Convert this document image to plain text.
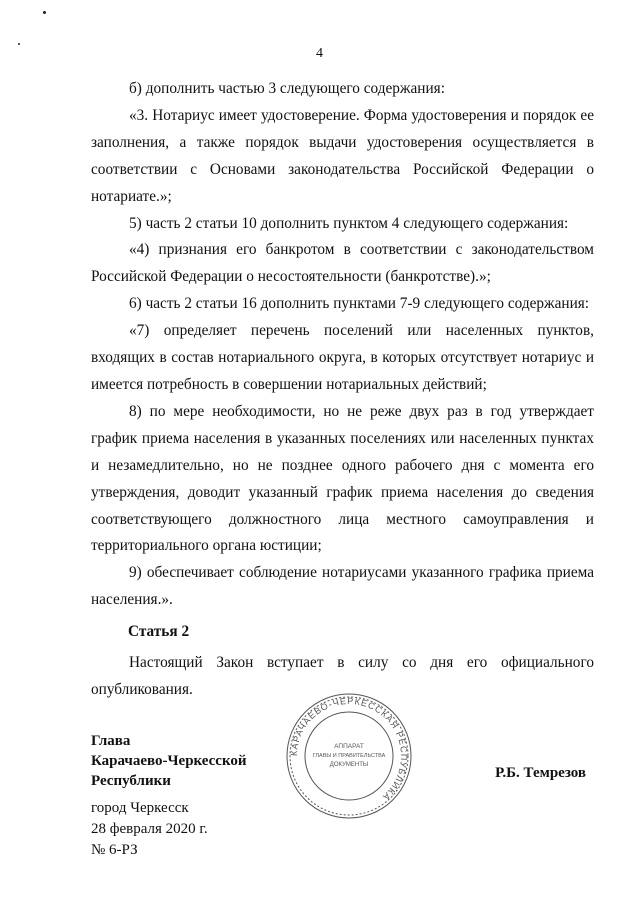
4

б) дополнить частью 3 следующего содержания:

«3. Нотариус имеет удостоверение. Форма удостоверения и порядок ее заполнения, а также порядок выдачи удостоверения осуществляется в соответствии с Основами законодательства Российской Федерации о нотариате.»;

5) часть 2 статьи 10 дополнить пунктом 4 следующего содержания:

«4) признания его банкротом в соответствии с законодательством Российской Федерации о несостоятельности (банкротстве).»;

6) часть 2 статьи 16 дополнить пунктами 7-9 следующего содержания:

«7) определяет перечень поселений или населенных пунктов, входящих в состав нотариального округа, в которых отсутствует нотариус и имеется потребность в совершении нотариальных действий;

8) по мере необходимости, но не реже двух раз в год утверждает график приема населения в указанных поселениях или населенных пунктах и незамедлительно, но не позднее одного рабочего дня с момента его утверждения, доводит указанный график приема населения до сведения соответствующего должностного лица местного самоуправления и территориального органа юстиции;

9) обеспечивает соблюдение нотариусами указанного графика приема населения.».

Статья 2

Настоящий Закон вступает в силу со дня его официального опубликования.

Глава
Карачаево-Черкесской
Республики
КАРАЧАЕВО-ЧЕРКЕССКАЯ РЕСПУБЛИКА
АППАРАТ
ГЛАВЫ И ПРАВИТЕЛЬСТВА
ДОКУМЕНТЫ	Р.Б. Темрезов
город Черкесск
28 февраля 2020 г.
№ 6-РЗ
